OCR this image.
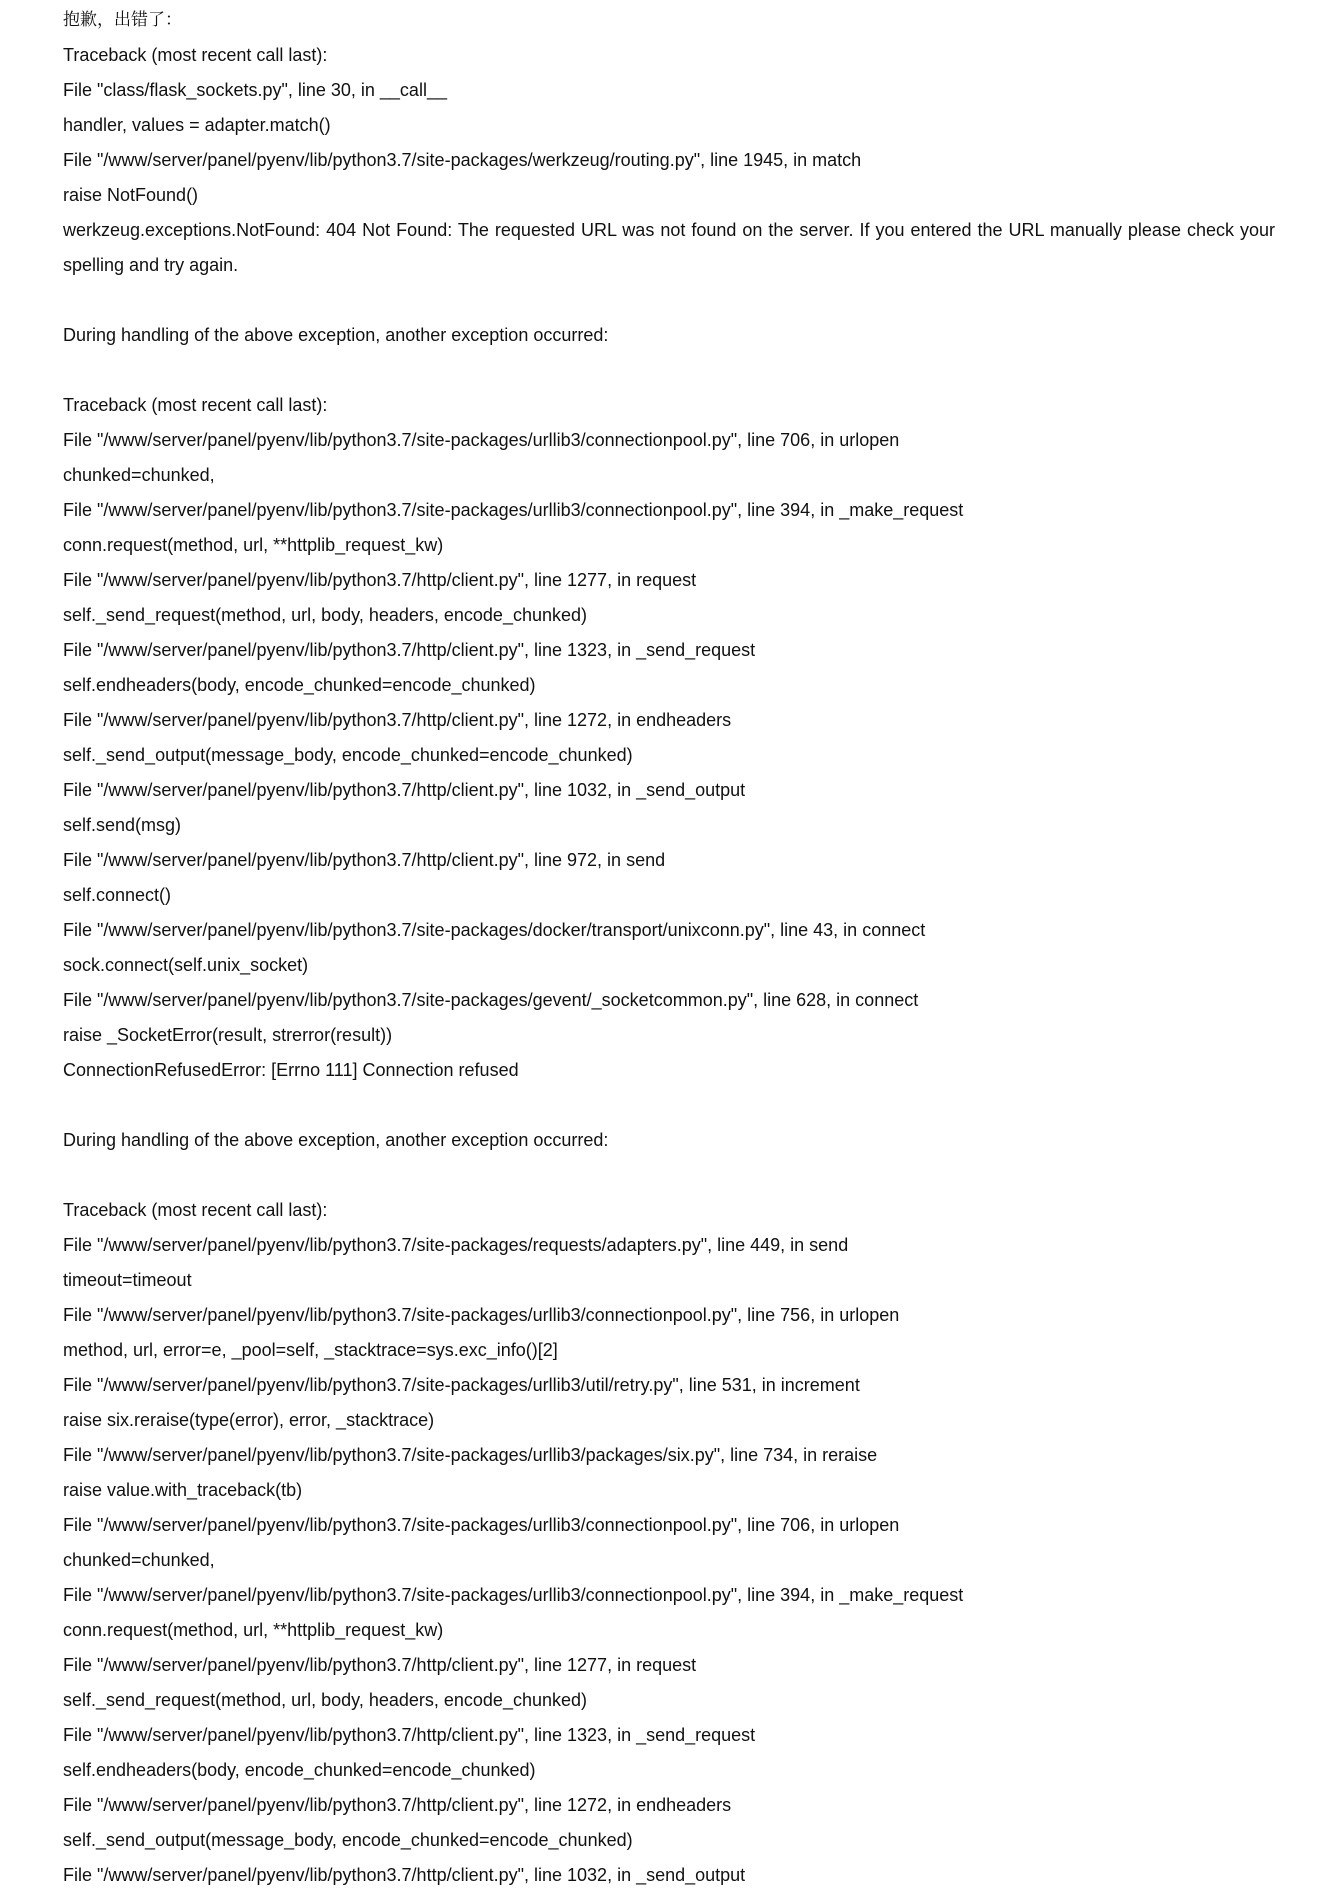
抱歉，出错了：
Traceback (most recent call last):
File "class/flask_sockets.py", line 30, in __call__
handler, values = adapter.match()
File "/www/server/panel/pyenv/lib/python3.7/site-packages/werkzeug/routing.py", line 1945, in match
raise NotFound()
werkzeug.exceptions.NotFound: 404 Not Found: The requested URL was not found on the server. If you entered the URL manually please check your spelling and try again.
During handling of the above exception, another exception occurred:
Traceback (most recent call last):
File "/www/server/panel/pyenv/lib/python3.7/site-packages/urllib3/connectionpool.py", line 706, in urlopen
chunked=chunked,
File "/www/server/panel/pyenv/lib/python3.7/site-packages/urllib3/connectionpool.py", line 394, in _make_request
conn.request(method, url, **httplib_request_kw)
File "/www/server/panel/pyenv/lib/python3.7/http/client.py", line 1277, in request
self._send_request(method, url, body, headers, encode_chunked)
File "/www/server/panel/pyenv/lib/python3.7/http/client.py", line 1323, in _send_request
self.endheaders(body, encode_chunked=encode_chunked)
File "/www/server/panel/pyenv/lib/python3.7/http/client.py", line 1272, in endheaders
self._send_output(message_body, encode_chunked=encode_chunked)
File "/www/server/panel/pyenv/lib/python3.7/http/client.py", line 1032, in _send_output
self.send(msg)
File "/www/server/panel/pyenv/lib/python3.7/http/client.py", line 972, in send
self.connect()
File "/www/server/panel/pyenv/lib/python3.7/site-packages/docker/transport/unixconn.py", line 43, in connect
sock.connect(self.unix_socket)
File "/www/server/panel/pyenv/lib/python3.7/site-packages/gevent/_socketcommon.py", line 628, in connect
raise _SocketError(result, strerror(result))
ConnectionRefusedError: [Errno 111] Connection refused
During handling of the above exception, another exception occurred:
Traceback (most recent call last):
File "/www/server/panel/pyenv/lib/python3.7/site-packages/requests/adapters.py", line 449, in send
timeout=timeout
File "/www/server/panel/pyenv/lib/python3.7/site-packages/urllib3/connectionpool.py", line 756, in urlopen
method, url, error=e, _pool=self, _stacktrace=sys.exc_info()[2]
File "/www/server/panel/pyenv/lib/python3.7/site-packages/urllib3/util/retry.py", line 531, in increment
raise six.reraise(type(error), error, _stacktrace)
File "/www/server/panel/pyenv/lib/python3.7/site-packages/urllib3/packages/six.py", line 734, in reraise
raise value.with_traceback(tb)
File "/www/server/panel/pyenv/lib/python3.7/site-packages/urllib3/connectionpool.py", line 706, in urlopen
chunked=chunked,
File "/www/server/panel/pyenv/lib/python3.7/site-packages/urllib3/connectionpool.py", line 394, in _make_request
conn.request(method, url, **httplib_request_kw)
File "/www/server/panel/pyenv/lib/python3.7/http/client.py", line 1277, in request
self._send_request(method, url, body, headers, encode_chunked)
File "/www/server/panel/pyenv/lib/python3.7/http/client.py", line 1323, in _send_request
self.endheaders(body, encode_chunked=encode_chunked)
File "/www/server/panel/pyenv/lib/python3.7/http/client.py", line 1272, in endheaders
self._send_output(message_body, encode_chunked=encode_chunked)
File "/www/server/panel/pyenv/lib/python3.7/http/client.py", line 1032, in _send_output
